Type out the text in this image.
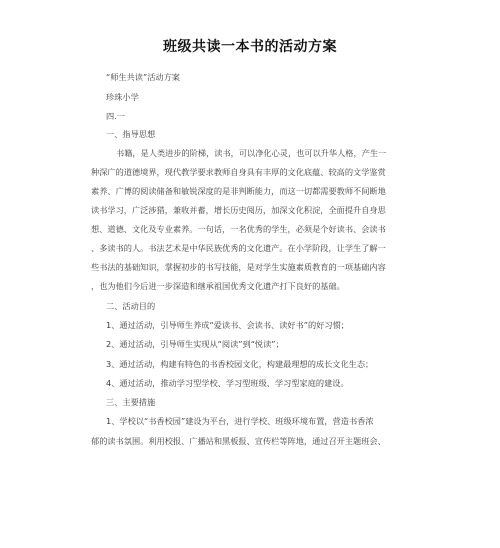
班级共读一本书的活动方案
“师生共读”活动方案
珍珠小学
四.一
一、指导思想
书籍，是人类进步的阶梯，读书，可以净化心灵，也可以升华人格，产生一
种深广的道德境界，现代教学要求教师自身具有丰厚的文化底蕴、较高的文学鉴赏
素养、广博的阅读储备和敏锐深度的是非判断能力，而这一切都需要教师不间断地
读书学习，广泛涉猎，兼收并蓄，增长历史阅历，加深文化积淀，全面提升自身思
想、道德、文化及专业素养。一句话，一名优秀的学生，必须是个好读书、会读书
、多读书的人。书法艺术是中华民族优秀的文化遗产。在小学阶段，让学生了解一
些书法的基础知识，掌握初步的书写技能，是对学生实施素质教育的一项基础内容
，也为他们今后进一步深造和继承祖国优秀文化遗产打下良好的基础。
二、活动目的
1、通过活动，引导师生养成“爱读书、会读书、读好书”的好习惯；
2、通过活动，引导师生实现从“阅读”到“悦读”；
3、通过活动，构建有特色的书香校园文化，构建最理想的成长文化生态；
4、通过活动，推动学习型学校、学习型班级、学习型家庭的建设。
三、主要措施
1、学校以“书香校园”建设为平台，进行学校、班级环境布置，营造书香浓
郁的读书氛围。利用校报、广播站和黑板报、宣传栏等阵地，通过召开主题班会、
